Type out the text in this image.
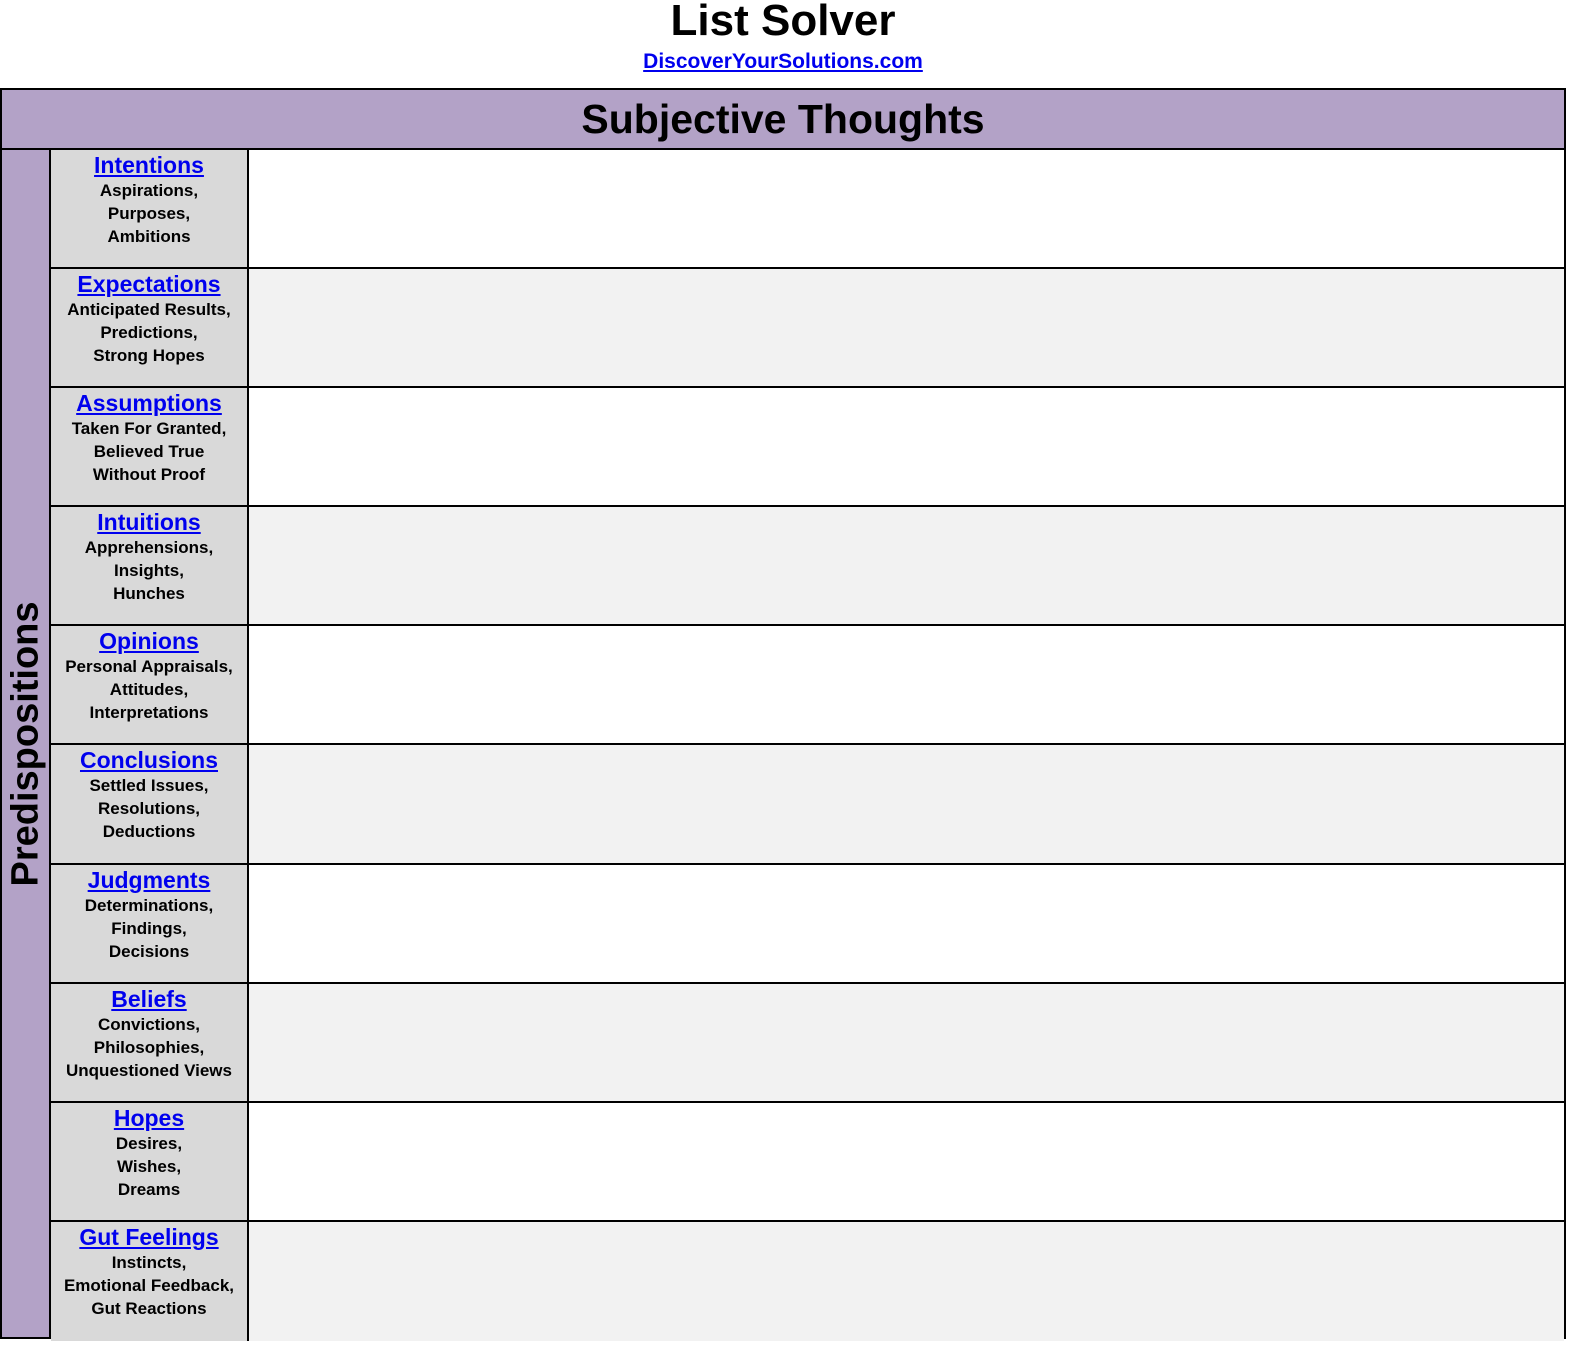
List Solver
DiscoverYourSolutions.com
Subjective Thoughts
Predispositions
Intentions
Aspirations,
Purposes,
Ambitions
Expectations
Anticipated Results,
Predictions,
Strong Hopes
Assumptions
Taken For Granted,
Believed True
Without Proof
Intuitions
Apprehensions,
Insights,
Hunches
Opinions
Personal Appraisals,
Attitudes,
Interpretations
Conclusions
Settled Issues,
Resolutions,
Deductions
Judgments
Determinations,
Findings,
Decisions
Beliefs
Convictions,
Philosophies,
Unquestioned Views
Hopes
Desires,
Wishes,
Dreams
Gut Feelings
Instincts,
Emotional Feedback,
Gut Reactions
